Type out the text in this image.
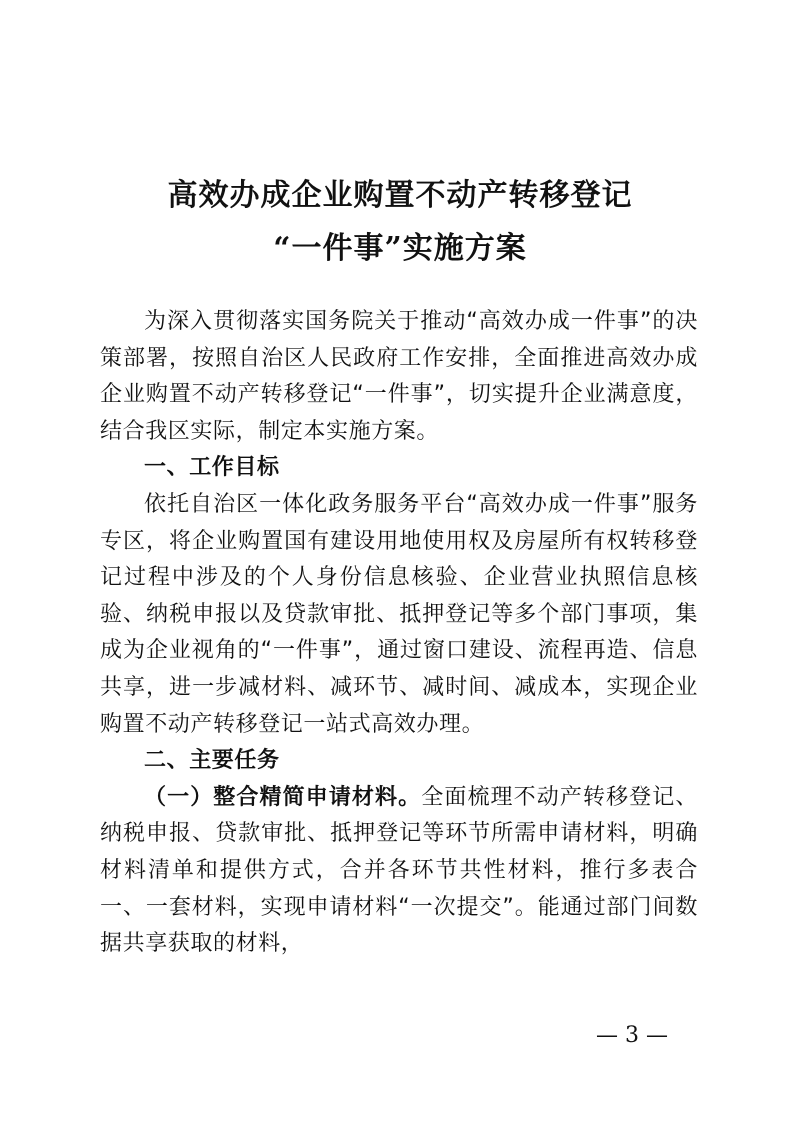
高效办成企业购置不动产转移登记
“一件事”实施方案

为深入贯彻落实国务院关于推动“高效办成一件事”的决策部署，按照自治区人民政府工作安排，全面推进高效办成企业购置不动产转移登记“一件事”，切实提升企业满意度，结合我区实际，制定本实施方案。

一、工作目标

依托自治区一体化政务服务平台“高效办成一件事”服务专区，将企业购置国有建设用地使用权及房屋所有权转移登记过程中涉及的个人身份信息核验、企业营业执照信息核验、纳税申报以及贷款审批、抵押登记等多个部门事项，集成为企业视角的“一件事”，通过窗口建设、流程再造、信息共享，进一步减材料、减环节、减时间、减成本，实现企业购置不动产转移登记一站式高效办理。

二、主要任务

（一）整合精简申请材料。全面梳理不动产转移登记、纳税申报、贷款审批、抵押登记等环节所需申请材料，明确材料清单和提供方式，合并各环节共性材料，推行多表合一、一套材料，实现申请材料“一次提交”。能通过部门间数据共享获取的材料，

— 3 —
